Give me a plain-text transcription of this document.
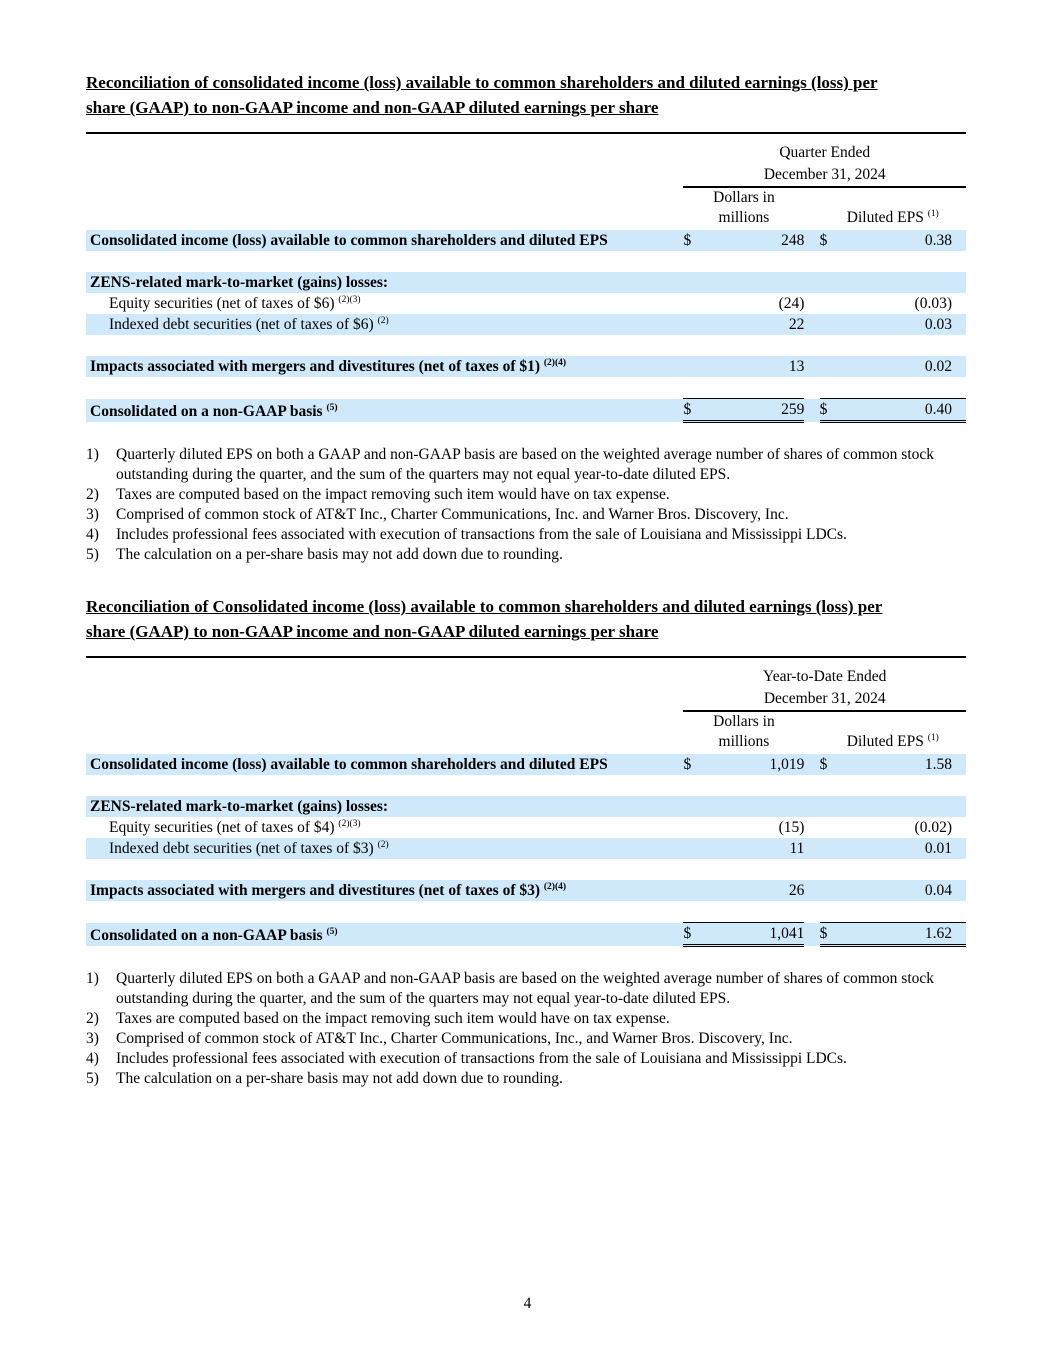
Reconciliation of consolidated income (loss) available to common shareholders and diluted earnings (loss) per
share (GAAP) to non-GAAP income and non-GAAP diluted earnings per share

	Quarter Ended
December 31, 2024				
	Dollars in
millions			Diluted EPS $^{(1)}$
Consolidated income (loss) available to common shareholders and diluted EPS	$	248		$	0.38

ZENS-related mark-to-market (gains) losses:					
Equity securities (net of taxes of $6) $^{(2)(3)}$		(24)			(0.03)
Indexed debt securities (net of taxes of $6) $^{(2)}$		22			0.03

Impacts associated with mergers and divestitures (net of taxes of $1) $^{(2)(4)}$		13			0.02

Consolidated on a non-GAAP basis $^{(5)}$	$	259		$	0.40
1)	Quarterly diluted EPS on both a GAAP and non-GAAP basis are based on the weighted average number of shares of common stock outstanding during the quarter, and the sum of the quarters may not equal year-to-date diluted EPS.
2)	Taxes are computed based on the impact removing such item would have on tax expense.
3)	Comprised of common stock of AT&T Inc., Charter Communications, Inc. and Warner Bros. Discovery, Inc.
4)	Includes professional fees associated with execution of transactions from the sale of Louisiana and Mississippi LDCs.
5)	The calculation on a per-share basis may not add down due to rounding.

Reconciliation of Consolidated income (loss) available to common shareholders and diluted earnings (loss) per
share (GAAP) to non-GAAP income and non-GAAP diluted earnings per share

	Year-to-Date Ended
December 31, 2024				
	Dollars in
millions			Diluted EPS $^{(1)}$
Consolidated income (loss) available to common shareholders and diluted EPS	$	1,019		$	1.58

ZENS-related mark-to-market (gains) losses:					
Equity securities (net of taxes of $4) $^{(2)(3)}$		(15)			(0.02)
Indexed debt securities (net of taxes of $3) $^{(2)}$		11			0.01

Impacts associated with mergers and divestitures (net of taxes of $3) $^{(2)(4)}$		26			0.04

Consolidated on a non-GAAP basis $^{(5)}$	$	1,041		$	1.62
1)	Quarterly diluted EPS on both a GAAP and non-GAAP basis are based on the weighted average number of shares of common stock outstanding during the quarter, and the sum of the quarters may not equal year-to-date diluted EPS.
2)	Taxes are computed based on the impact removing such item would have on tax expense.
3)	Comprised of common stock of AT&T Inc., Charter Communications, Inc., and Warner Bros. Discovery, Inc.
4)	Includes professional fees associated with execution of transactions from the sale of Louisiana and Mississippi LDCs.
5)	The calculation on a per-share basis may not add down due to rounding.
4
